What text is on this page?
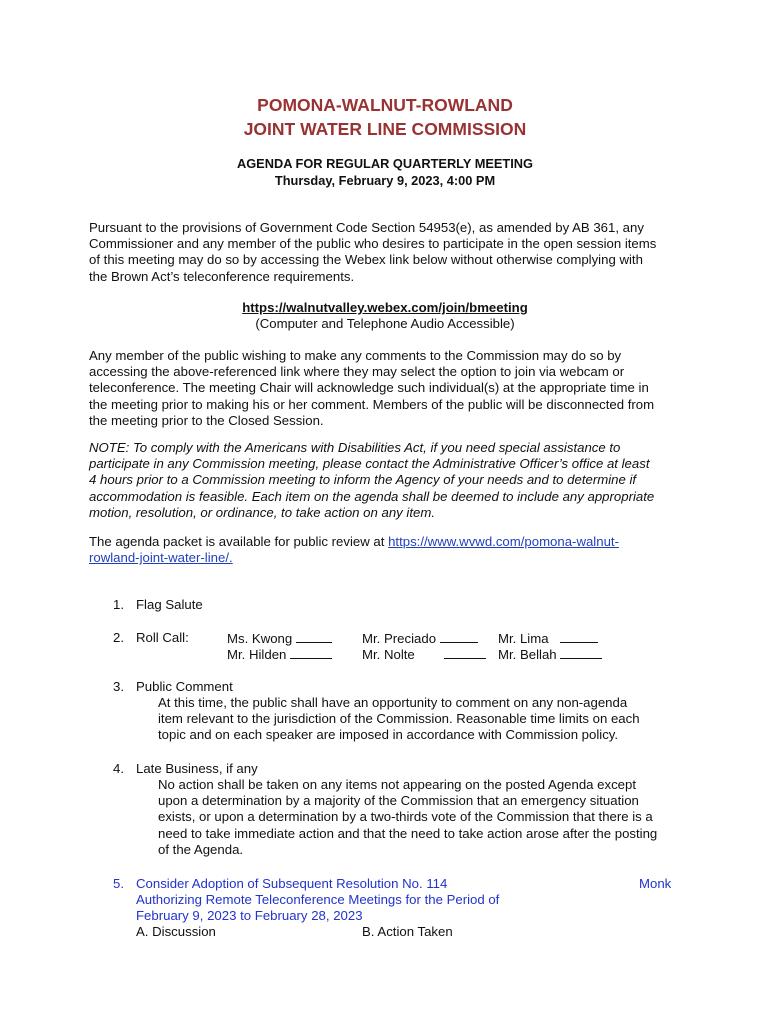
POMONA-WALNUT-ROWLAND
JOINT WATER LINE COMMISSION
AGENDA FOR REGULAR QUARTERLY MEETING
Thursday, February 9, 2023, 4:00 PM
Pursuant to the provisions of Government Code Section 54953(e), as amended by AB 361, any
Commissioner and any member of the public who desires to participate in the open session items
of this meeting may do so by accessing the Webex link below without otherwise complying with
the Brown Act’s teleconference requirements.
https://walnutvalley.webex.com/join/bmeeting
(Computer and Telephone Audio Accessible)
Any member of the public wishing to make any comments to the Commission may do so by
accessing the above-referenced link where they may select the option to join via webcam or
teleconference. The meeting Chair will acknowledge such individual(s) at the appropriate time in
the meeting prior to making his or her comment. Members of the public will be disconnected from
the meeting prior to the Closed Session.
NOTE: To comply with the Americans with Disabilities Act, if you need special assistance to
participate in any Commission meeting, please contact the Administrative Officer’s office at least
4 hours prior to a Commission meeting to inform the Agency of your needs and to determine if
accommodation is feasible. Each item on the agenda shall be deemed to include any appropriate
motion, resolution, or ordinance, to take action on any item.
The agenda packet is available for public review at https://www.wvwd.com/pomona-walnut-
rowland-joint-water-line/.
1. Flag Salute
2. Roll Call:	Ms. Kwong	Mr. Preciado	Mr. Lima
Mr. Hilden	Mr. Nolte	Mr. Bellah
3. Public Comment
At this time, the public shall have an opportunity to comment on any non-agenda
item relevant to the jurisdiction of the Commission. Reasonable time limits on each
topic and on each speaker are imposed in accordance with Commission policy.
4. Late Business, if any
No action shall be taken on any items not appearing on the posted Agenda except
upon a determination by a majority of the Commission that an emergency situation
exists, or upon a determination by a two-thirds vote of the Commission that there is a
need to take immediate action and that the need to take action arose after the posting
of the Agenda.
5. Consider Adoption of Subsequent Resolution No. 114
Authorizing Remote Teleconference Meetings for the Period of
February 9, 2023 to February 28, 2023
Monk
A. Discussion	B. Action Taken
